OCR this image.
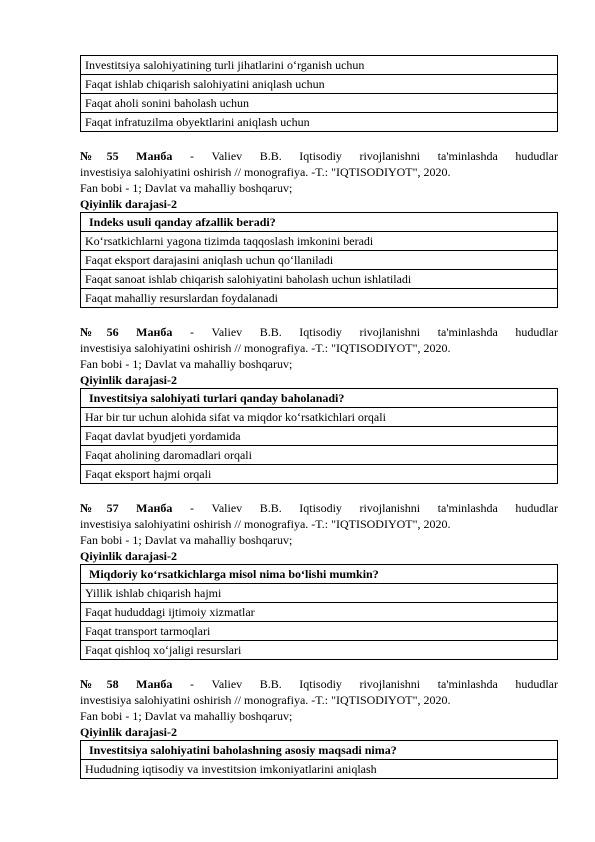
Investitsiya salohiyatining turli jihatlarini o‘rganish uchun
Faqat ishlab chiqarish salohiyatini aniqlash uchun
Faqat aholi sonini baholash uchun
Faqat infratuzilma obyektlarini aniqlash uchun
№55 Манба - Valiev B.B. Iqtisodiy rivojlanishni ta'minlashda hududlar
investisiya salohiyatini oshirish // monografiya. -T.: "IQTISODIYOT", 2020.
Fan bobi - 1; Davlat va mahalliy boshqaruv;
Qiyinlik darajasi-2
Indeks usuli qanday afzallik beradi?
Ko‘rsatkichlarni yagona tizimda taqqoslash imkonini beradi
Faqat eksport darajasini aniqlash uchun qo‘llaniladi
Faqat sanoat ishlab chiqarish salohiyatini baholash uchun ishlatiladi
Faqat mahalliy resurslardan foydalanadi
№56 Манба - Valiev B.B. Iqtisodiy rivojlanishni ta'minlashda hududlar
investisiya salohiyatini oshirish // monografiya. -T.: "IQTISODIYOT", 2020.
Fan bobi - 1; Davlat va mahalliy boshqaruv;
Qiyinlik darajasi-2
Investitsiya salohiyati turlari qanday baholanadi?
Har bir tur uchun alohida sifat va miqdor ko‘rsatkichlari orqali
Faqat davlat byudjeti yordamida
Faqat aholining daromadlari orqali
Faqat eksport hajmi orqali
№57 Манба - Valiev B.B. Iqtisodiy rivojlanishni ta'minlashda hududlar
investisiya salohiyatini oshirish // monografiya. -T.: "IQTISODIYOT", 2020.
Fan bobi - 1; Davlat va mahalliy boshqaruv;
Qiyinlik darajasi-2
Miqdoriy ko‘rsatkichlarga misol nima bo‘lishi mumkin?
Yillik ishlab chiqarish hajmi
Faqat hududdagi ijtimoiy xizmatlar
Faqat transport tarmoqlari
Faqat qishloq xo‘jaligi resurslari
№58 Манба - Valiev B.B. Iqtisodiy rivojlanishni ta'minlashda hududlar
investisiya salohiyatini oshirish // monografiya. -T.: "IQTISODIYOT", 2020.
Fan bobi - 1; Davlat va mahalliy boshqaruv;
Qiyinlik darajasi-2
Investitsiya salohiyatini baholashning asosiy maqsadi nima?
Hududning iqtisodiy va investitsion imkoniyatlarini aniqlash
